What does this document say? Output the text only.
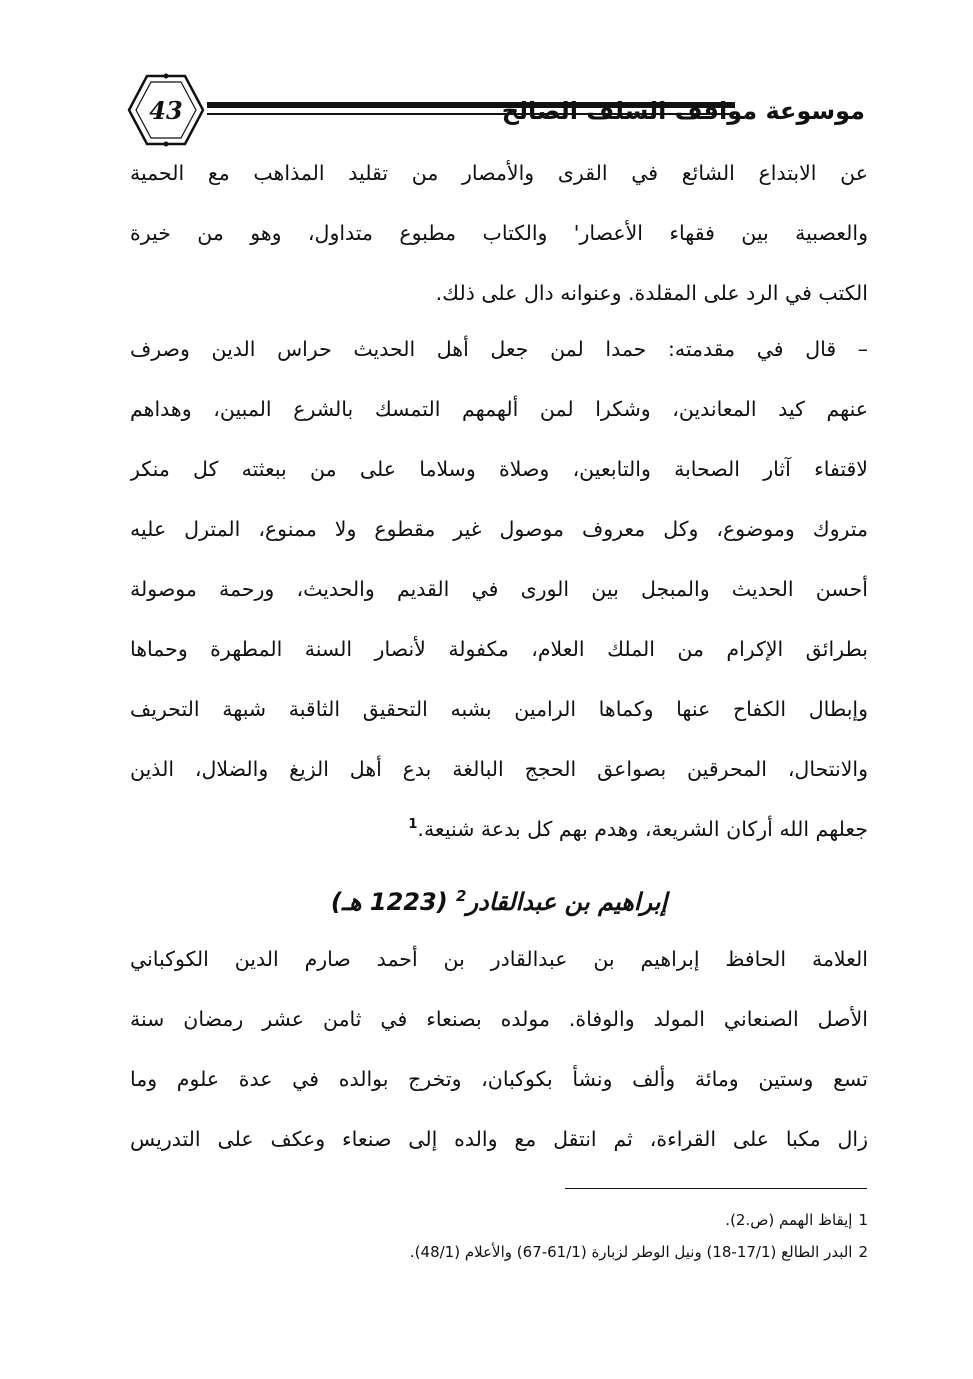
43	موسوعة مواقف السلف الصالح
عن الابتداع الشائع في القرى والأمصار من تقليد المذاهب مع الحمية
والعصبية بين فقهاء الأعصار' والكتاب مطبوع متداول، وهو من خيرة
الكتب في الرد على المقلدة. وعنوانه دال على ذلك.
– قال في مقدمته: حمدا لمن جعل أهل الحديث حراس الدين وصرف
عنهم كيد المعاندين، وشكرا لمن ألهمهم التمسك بالشرع المبين، وهداهم
لاقتفاء آثار الصحابة والتابعين، وصلاة وسلاما على من ببعثته كل منكر
متروك وموضوع، وكل معروف موصول غير مقطوع ولا ممنوع، المترل عليه
أحسن الحديث والمبجل بين الورى في القديم والحديث، ورحمة موصولة
بطرائق الإكرام من الملك العلام، مكفولة لأنصار السنة المطهرة وحماها
وإبطال الكفاح عنها وكماها الرامين بشبه التحقيق الثاقبة شبهة التحريف
والانتحال، المحرقين بصواعق الحجج البالغة بدع أهل الزيغ والضلال، الذين
جعلهم الله أركان الشريعة، وهدم بهم كل بدعة شنيعة.$^1$
إبراهيم بن عبدالقادر$^2$ (1223 هـ)
العلامة الحافظ إبراهيم بن عبدالقادر بن أحمد صارم الدين الكوكباني
الأصل الصنعاني المولد والوفاة. مولده بصنعاء في ثامن عشر رمضان سنة
تسع وستين ومائة وألف ونشأ بكوكبان، وتخرج بوالده في عدة علوم وما
زال مكبا على القراءة، ثم انتقل مع والده إلى صنعاء وعكف على التدريس
1إيقاظ الهمم (ص.2).
2البدر الطالع (17/1-18) ونيل الوطر لزبارة (61/1-67) والأعلام (48/1).
